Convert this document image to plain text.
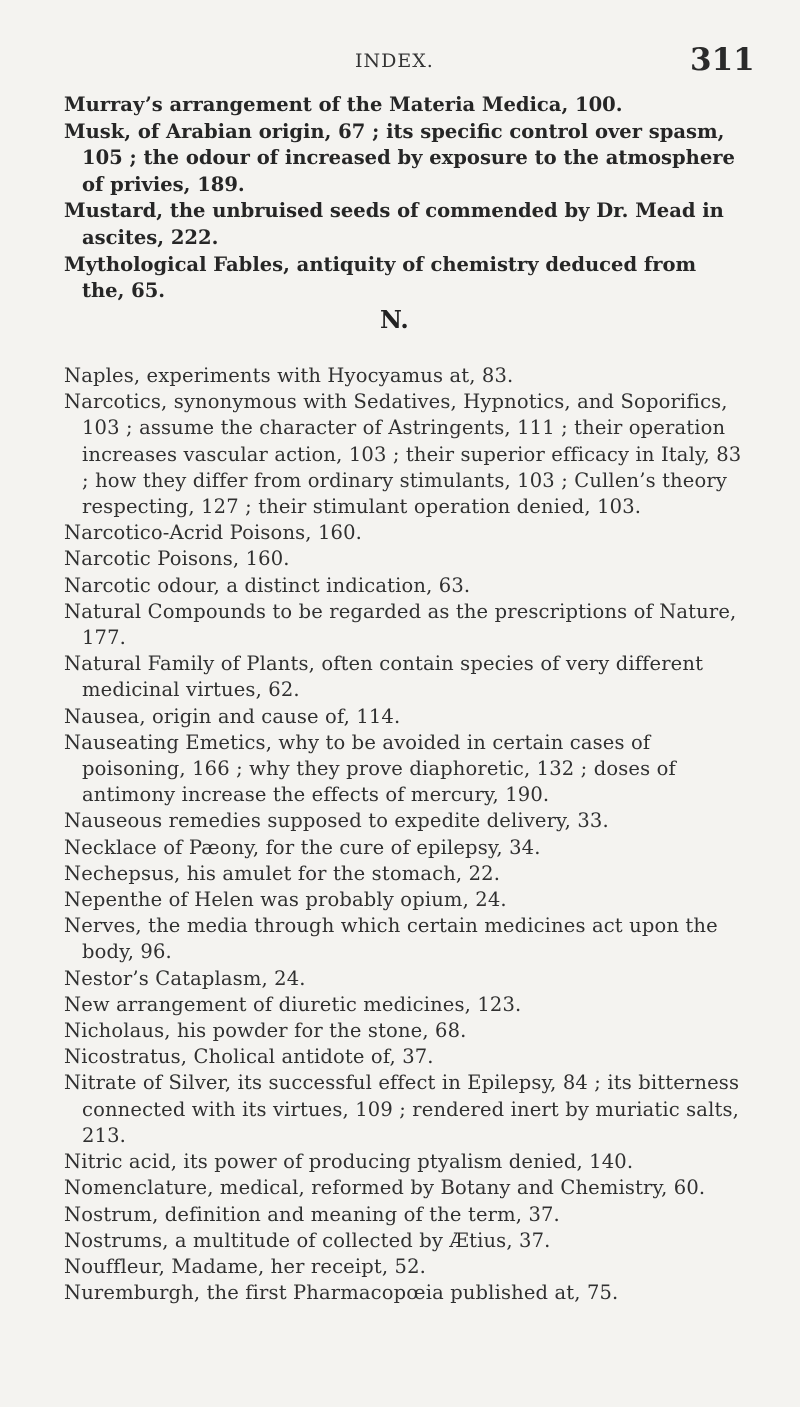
INDEX.	311
Murray’s arrangement of the Materia Medica, 100.
Musk, of Arabian origin, 67 ; its specific control over spasm, 105 ; the odour of increased by exposure to the atmosphere of privies, 189.
Mustard, the unbruised seeds of commended by Dr. Mead in ascites, 222.
Mythological Fables, antiquity of chemistry deduced from the, 65.
N.
Naples, experiments with Hyocyamus at, 83.
Narcotics, synonymous with Sedatives, Hypnotics, and Soporifics, 103 ; assume the character of Astringents, 111 ; their operation increases vascular action, 103 ; their superior efficacy in Italy, 83 ; how they differ from ordinary stimulants, 103 ; Cullen’s theory respecting, 127 ; their stimulant operation denied, 103.
Narcotico-Acrid Poisons, 160.
Narcotic Poisons, 160.
Narcotic odour, a distinct indication, 63.
Natural Compounds to be regarded as the prescriptions of Nature, 177.
Natural Family of Plants, often contain species of very different medicinal virtues, 62.
Nausea, origin and cause of, 114.
Nauseating Emetics, why to be avoided in certain cases of poisoning, 166 ; why they prove diaphoretic, 132 ; doses of antimony increase the effects of mercury, 190.
Nauseous remedies supposed to expedite delivery, 33.
Necklace of Pæony, for the cure of epilepsy, 34.
Nechepsus, his amulet for the stomach, 22.
Nepenthe of Helen was probably opium, 24.
Nerves, the media through which certain medicines act upon the body, 96.
Nestor’s Cataplasm, 24.
New arrangement of diuretic medicines, 123.
Nicholaus, his powder for the stone, 68.
Nicostratus, Cholical antidote of, 37.
Nitrate of Silver, its successful effect in Epilepsy, 84 ; its bitterness connected with its virtues, 109 ; rendered inert by muriatic salts, 213.
Nitric acid, its power of producing ptyalism denied, 140.
Nomenclature, medical, reformed by Botany and Chemistry, 60.
Nostrum, definition and meaning of the term, 37.
Nostrums, a multitude of collected by Ætius, 37.
Nouffleur, Madame, her receipt, 52.
Nuremburgh, the first Pharmacopœia published at, 75.
